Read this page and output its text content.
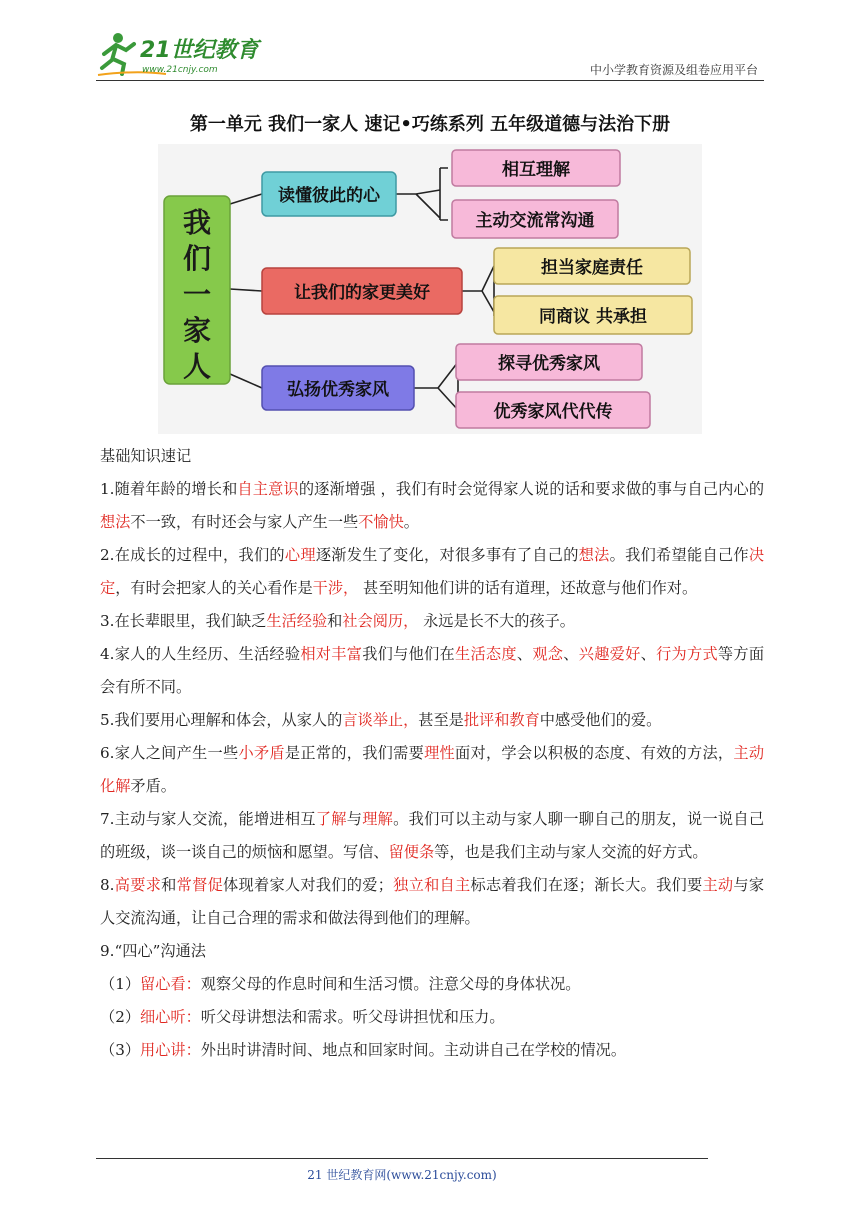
21世纪教育
www.21cnjy.com	中小学教育资源及组卷应用平台
第一单元 我们一家人 速记•巧练系列 五年级道德与法治下册
我们一家人
读懂彼此的心
让我们的家更美好
弘扬优秀家风
相互理解
主动交流常沟通
担当家庭责任
同商议 共承担
探寻优秀家风
优秀家风代代传

基础知识速记

1.随着年龄的增长和自主意识的逐渐增强 ，我们有时会觉得家人说的话和要求做的事与自己内心的想法不一致，有时还会与家人产生一些不愉快。

2.在成长的过程中，我们的心理逐渐发生了变化，对很多事有了自己的想法。我们希望能自己作决定，有时会把家人的关心看作是干涉， 甚至明知他们讲的话有道理，还故意与他们作对。

3.在长辈眼里，我们缺乏生活经验和社会阅历， 永远是长不大的孩子。

4.家人的人生经历、生活经验相对丰富我们与他们在生活态度、观念、兴趣爱好、行为方式等方面会有所不同。

5.我们要用心理解和体会，从家人的言谈举止，甚至是批评和教育中感受他们的爱。

6.家人之间产生一些小矛盾是正常的，我们需要理性面对，学会以积极的态度、有效的方法，主动化解矛盾。

7.主动与家人交流，能增进相互了解与理解。我们可以主动与家人聊一聊自己的朋友，说一说自己的班级，谈一谈自己的烦恼和愿望。写信、留便条等，也是我们主动与家人交流的好方式。

8.高要求和常督促体现着家人对我们的爱；独立和自主标志着我们在逐；渐长大。我们要主动与家人交流沟通，让自己合理的需求和做法得到他们的理解。

9.“四心”沟通法

（1）留心看：观察父母的作息时间和生活习惯。注意父母的身体状况。

（2）细心听：听父母讲想法和需求。听父母讲担忧和压力。

（3）用心讲：外出时讲清时间、地点和回家时间。主动讲自己在学校的情况。

21 世纪教育网(www.21cnjy.com)
